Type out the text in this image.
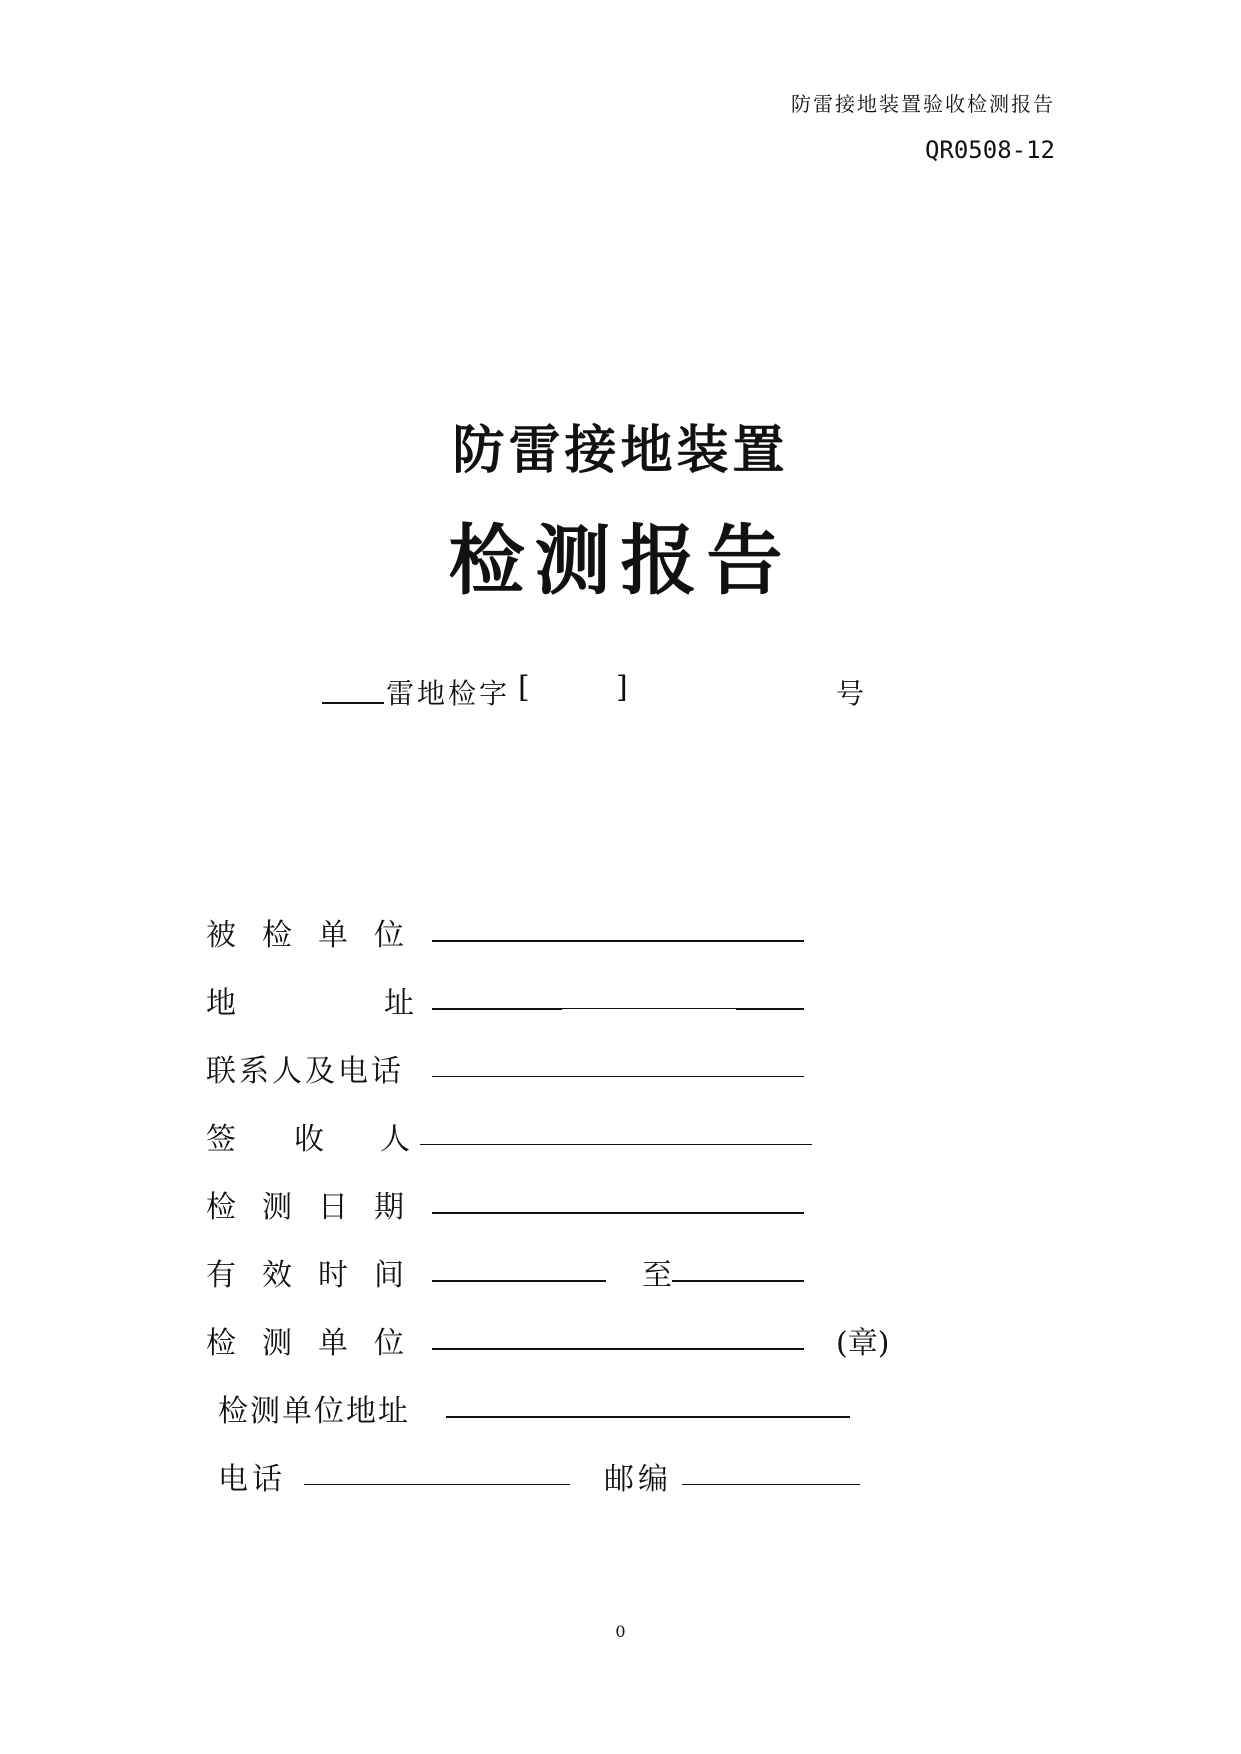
防雷接地装置验收检测报告
QR0508-12
防雷接地装置
检测报告
雷地检字 [	]	号
被检单位
地	址
联系人及电话
签 收 人
检测日期
有效时间	至
检测单位	(章)
检测单位地址
电话	邮编
0
